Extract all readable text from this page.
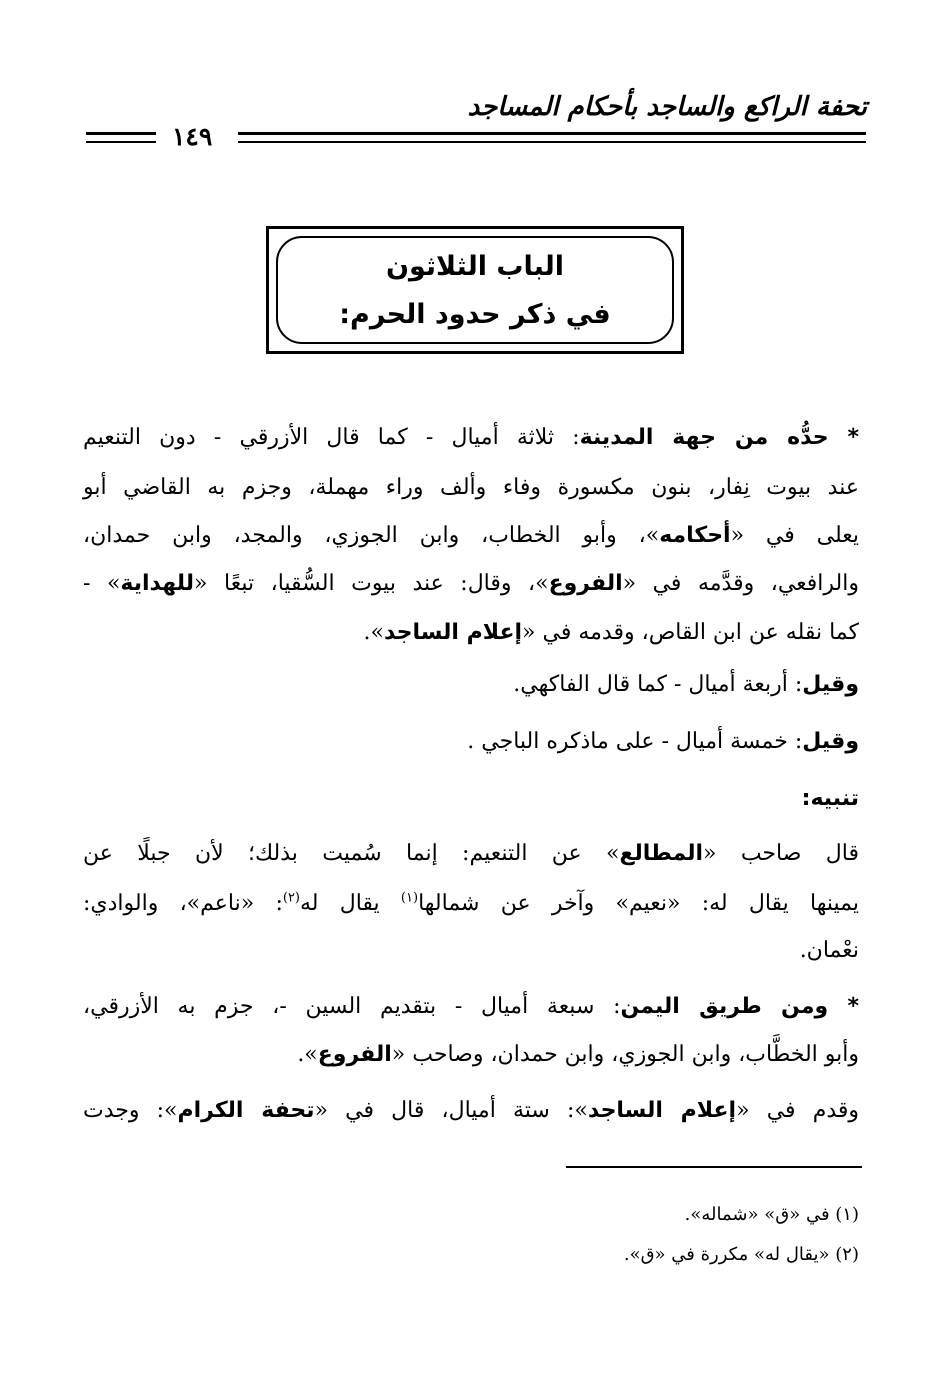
تحفة الراكع والساجد بأحكام المساجد
١٤٩
الباب الثلاثون
في ذكر حدود الحرم:
* حدُّه من جهة المدينة: ثلاثة أميال - كما قال الأزرقي - دون التنعيم
عند بيوت نِفار، بنون مكسورة وفاء وألف وراء مهملة، وجزم به القاضي أبو
يعلى في «أحكامه»، وأبو الخطاب، وابن الجوزي، والمجد، وابن حمدان،
والرافعي، وقدَّمه في «الفروع»، وقال: عند بيوت السُّقيا، تبعًا «للهداية» -
كما نقله عن ابن القاص، وقدمه في «إعلام الساجد».
وقيل: أربعة أميال - كما قال الفاكهي.
وقيل: خمسة أميال - على ماذكره الباجي .
تنبيه:
قال صاحب «المطالع» عن التنعيم: إنما سُميت بذلك؛ لأن جبلًا عن
يمينها يقال له: «نعيم» وآخر عن شمالها$^{(١)}$ يقال له$^{(٢)}$: «ناعم»، والوادي:
نعْمان.
* ومن طريق اليمن: سبعة أميال - بتقديم السين -، جزم به الأزرقي،
وأبو الخطَّاب، وابن الجوزي، وابن حمدان، وصاحب «الفروع».
وقدم في «إعلام الساجد»: ستة أميال، قال في «تحفة الكرام»: وجدت
(١) في «ق» «شماله».
(٢) «يقال له» مكررة في «ق».
